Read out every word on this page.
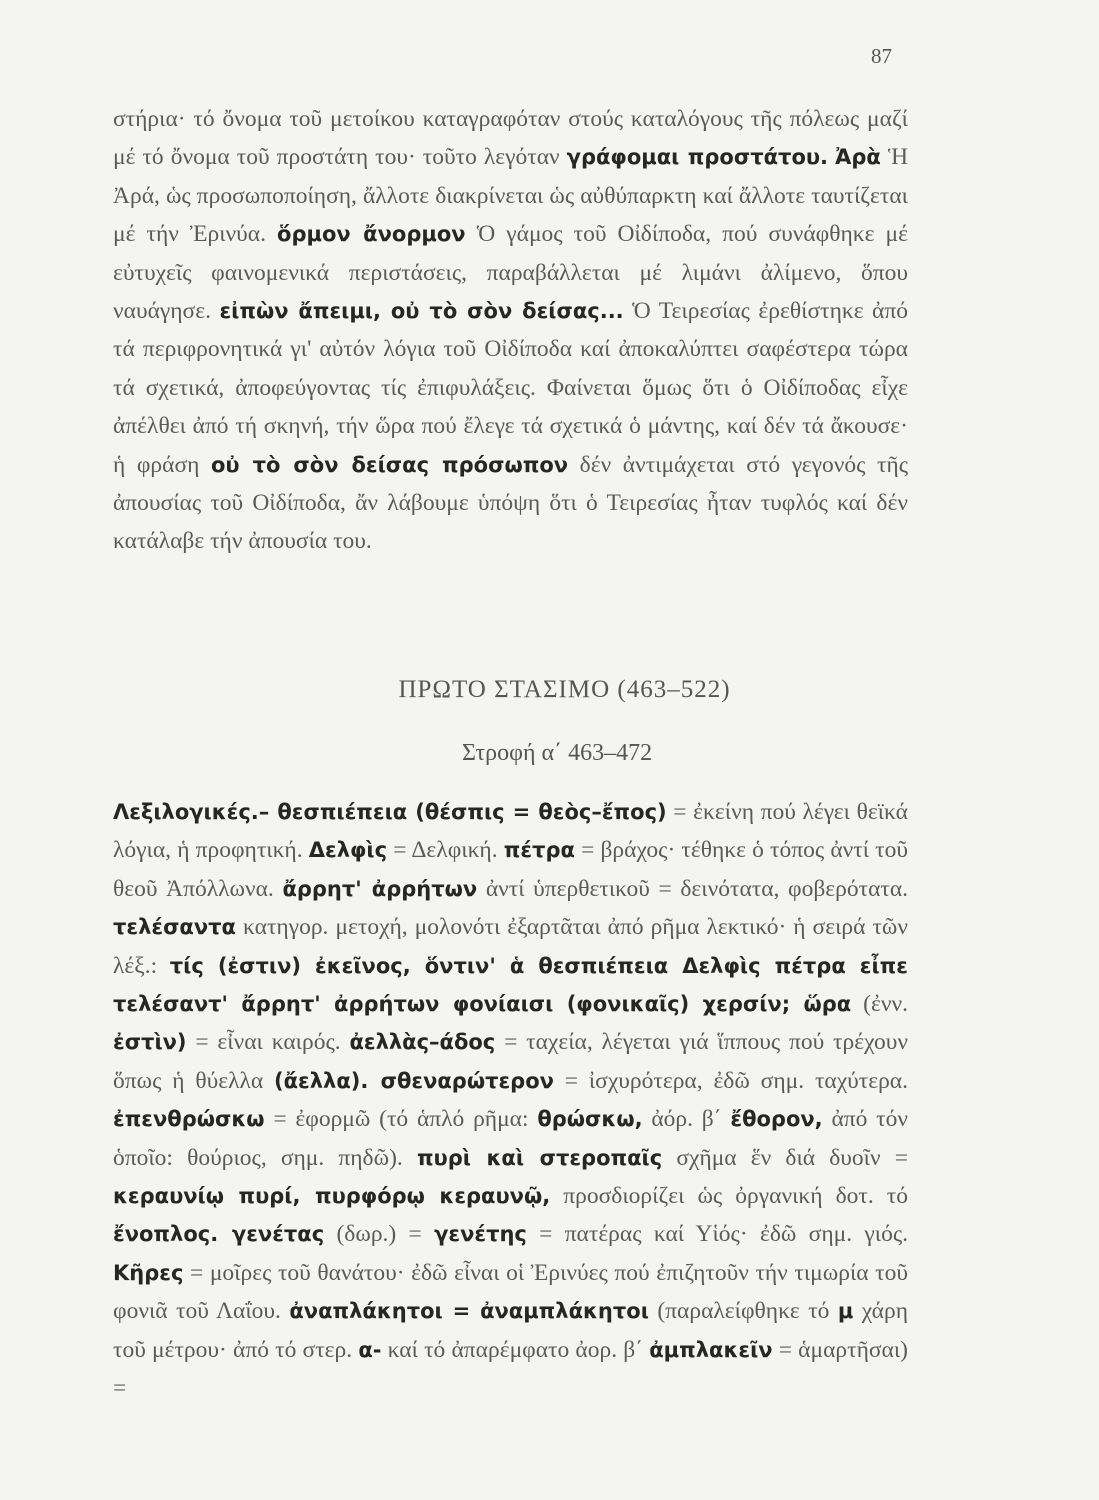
87

στήρια· τό ὄνομα τοῦ μετοίκου καταγραφόταν στούς καταλόγους τῆς πόλεως μαζί μέ τό ὄνομα τοῦ προστάτη του· τοῦτο λεγόταν γράφομαι προστάτου. Ἀρὰ Ἡ Ἀρά, ὡς προσωποποίηση, ἄλλοτε διακρίνεται ὡς αὐθύπαρκτη καί ἄλλοτε ταυτίζεται μέ τήν Ἐρινύα. ὅρμον ἄνορμον Ὁ γάμος τοῦ Οἰδίποδα, πού συνάφθηκε μέ εὐτυχεῖς φαινομενικά περιστάσεις, παραβάλλεται μέ λιμάνι ἀλίμενο, ὅπου ναυάγησε. εἰπὼν ἄπειμι, οὐ τὸ σὸν δείσας... Ὁ Τειρεσίας ἐρεθίστηκε ἀπό τά περιφρονητικά γι' αὐτόν λόγια τοῦ Οἰδίποδα καί ἀποκαλύπτει σαφέστερα τώρα τά σχετικά, ἀποφεύγοντας τίς ἐπιφυλάξεις. Φαίνεται ὅμως ὅτι ὁ Οἰδίποδας εἶχε ἀπέλθει ἀπό τή σκηνή, τήν ὥρα πού ἔλεγε τά σχετικά ὁ μάντης, καί δέν τά ἄκουσε· ἡ φράση οὐ τὸ σὸν δείσας πρόσωπον δέν ἀντιμάχεται στό γεγονός τῆς ἀπουσίας τοῦ Οἰδίποδα, ἄν λάβουμε ὑπόψη ὅτι ὁ Τειρεσίας ἦταν τυφλός καί δέν κατάλαβε τήν ἀπουσία του.

ΠΡΩΤΟ ΣΤΑΣΙΜΟ (463–522)
Στροφή α΄ 463–472

Λεξιλογικές.– θεσπιέπεια (θέσπις = θεὸς–ἔπος) = ἐκείνη πού λέγει θεϊκά λόγια, ἡ προφητική. Δελφὶς = Δελφική. πέτρα = βράχος· τέθηκε ὁ τόπος ἀντί τοῦ θεοῦ Ἀπόλλωνα. ἄρρητ' ἀρρήτων ἀντί ὑπερθετικοῦ = δεινότατα, φοβερότατα. τελέσαντα κατηγορ. μετοχή, μολονότι ἐξαρτᾶται ἀπό ρῆμα λεκτικό· ἡ σειρά τῶν λέξ.: τίς (ἐστιν) ἐκεῖνος, ὅντιν' ἁ θεσπιέπεια Δελφὶς πέτρα εἶπε τελέσαντ' ἄρρητ' ἀρρήτων φονίαισι (φονικαῖς) χερσίν; ὥρα (ἐνν. ἐστὶν) = εἶναι καιρός. ἀελλὰς–άδος = ταχεία, λέγεται γιά ἵππους πού τρέχουν ὅπως ἡ θύελλα (ἄελλα). σθεναρώτερον = ἰσχυρότερα, ἐδῶ σημ. ταχύτερα. ἐπενθρώσκω = ἐφορμῶ (τό ἁπλό ρῆμα: θρώσκω, ἀόρ. β΄ ἔθορον, ἀπό τόν ὁποῖο: θούριος, σημ. πηδῶ). πυρὶ καὶ στεροπαῖς σχῆμα ἕν διά δυοῖν = κεραυνίῳ πυρί, πυρφόρῳ κεραυνῷ, προσδιορίζει ὡς ὀργανική δοτ. τό ἔνοπλος. γενέτας (δωρ.) = γενέτης = πατέρας καί Υἱός· ἐδῶ σημ. γιός. Κῆρες = μοῖρες τοῦ θανάτου· ἐδῶ εἶναι οἱ Ἐρινύες πού ἐπιζητοῦν τήν τιμωρία τοῦ φονιᾶ τοῦ Λαΐου. ἀναπλάκητοι = ἀναμπλάκητοι (παραλείφθηκε τό μ χάρη τοῦ μέτρου· ἀπό τό στερ. α- καί τό ἀπαρέμφατο ἀορ. β΄ ἀμπλακεῖν = ἁμαρτῆσαι) =
